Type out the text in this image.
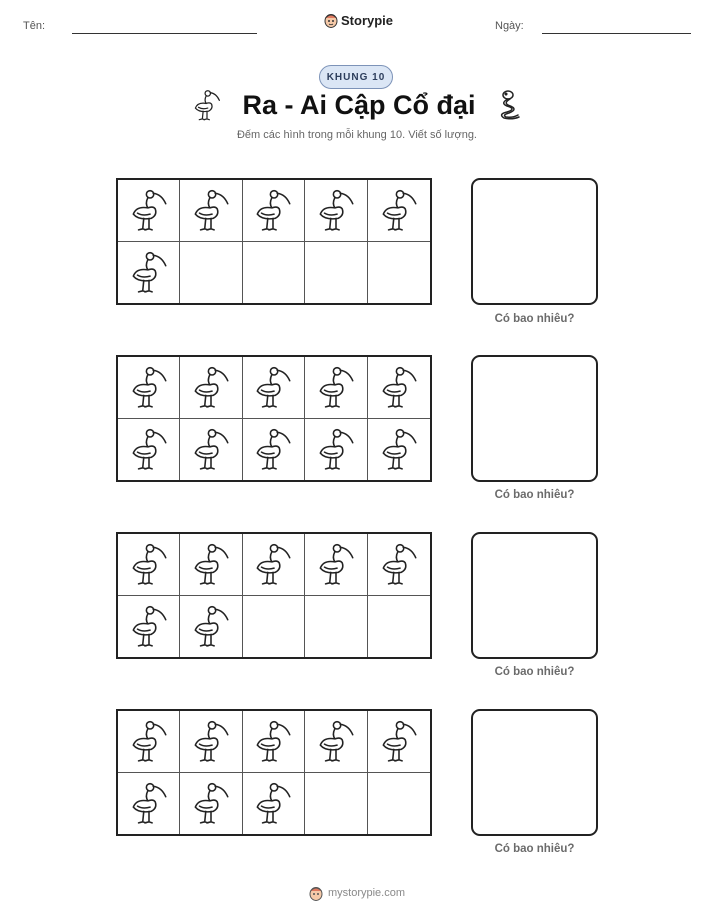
Tên:	Storypie	Ngày:
KHUNG 10
Ra - Ai Cập Cổ đại
Đếm các hình trong mỗi khung 10. Viết số lượng.
Có bao nhiêu?
Có bao nhiêu?
Có bao nhiêu?
Có bao nhiêu?
mystorypie.com
